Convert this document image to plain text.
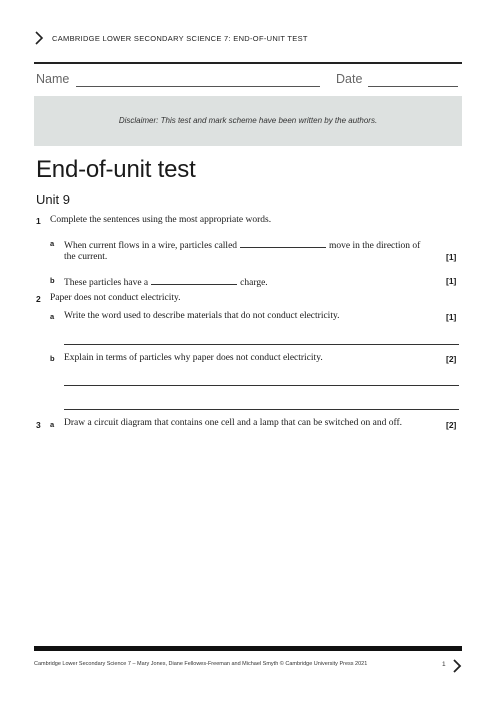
CAMBRIDGE LOWER SECONDARY SCIENCE 7: END-OF-UNIT TEST
Name	Date
Disclaimer: This test and mark scheme have been written by the authors.
End-of-unit test
Unit 9
1 Complete the sentences using the most appropriate words.
a When current flows in a wire, particles called	move in the direction of
the current.	[1]
b These particles have a	charge.	[1]
2 Paper does not conduct electricity.
a Write the word used to describe materials that do not conduct electricity.	[1]
b Explain in terms of particles why paper does not conduct electricity.	[2]
3 a Draw a circuit diagram that contains one cell and a lamp that can be switched on and off.	[2]
Cambridge Lower Secondary Science 7 – Mary Jones, Diane Fellowes-Freeman and Michael Smyth © Cambridge University Press 2021	1
